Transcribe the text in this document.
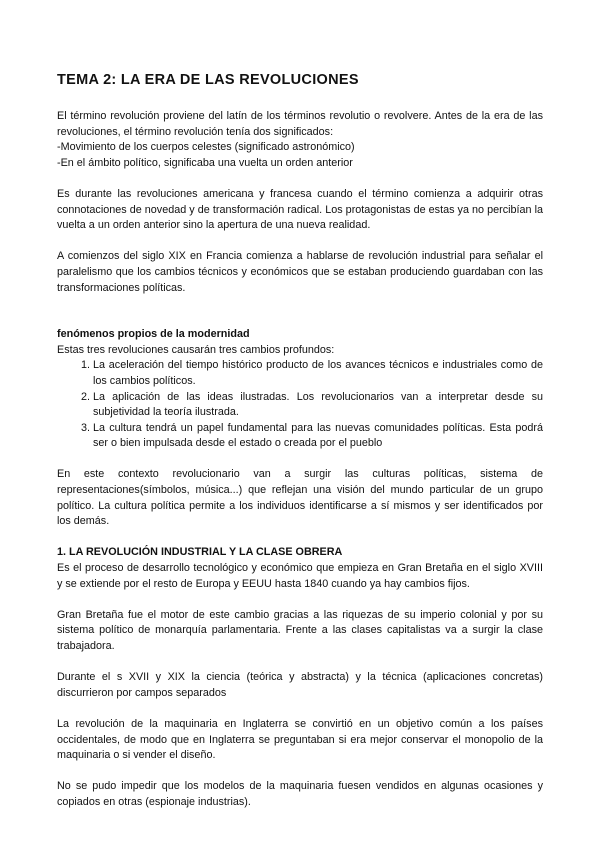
TEMA 2: LA ERA DE LAS REVOLUCIONES

El término revolución proviene del latín de los términos revolutio o revolvere. Antes de la era de las revoluciones, el término revolución tenía dos significados:
-Movimiento de los cuerpos celestes (significado astronómico)
-En el ámbito político, significaba una vuelta un orden anterior

Es durante las revoluciones americana y francesa cuando el término comienza a adquirir otras connotaciones de novedad y de transformación radical. Los protagonistas de estas ya no percibían la vuelta a un orden anterior sino la apertura de una nueva realidad.

A comienzos del siglo XIX en Francia comienza a hablarse de revolución industrial para señalar el paralelismo que los cambios técnicos y económicos que se estaban produciendo guardaban con las transformaciones políticas.

fenómenos propios de la modernidad

Estas tres revoluciones causarán tres cambios profundos:

1. La aceleración del tiempo histórico producto de los avances técnicos e industriales como de los cambios políticos.
2. La aplicación de las ideas ilustradas. Los revolucionarios van a interpretar desde su subjetividad la teoría ilustrada.
3. La cultura tendrá un papel fundamental para las nuevas comunidades políticas. Esta podrá ser o bien impulsada desde el estado o creada por el pueblo

En este contexto revolucionario van a surgir las culturas políticas, sistema de representaciones(símbolos, música...) que reflejan una visión del mundo particular de un grupo político. La cultura política permite a los individuos identificarse a sí mismos y ser identificados por los demás.

1. LA REVOLUCIÓN INDUSTRIAL Y LA CLASE OBRERA

Es el proceso de desarrollo tecnológico y económico que empieza en Gran Bretaña en el siglo XVIII y se extiende por el resto de Europa y EEUU hasta 1840 cuando ya hay cambios fijos.

Gran Bretaña fue el motor de este cambio gracias a las riquezas de su imperio colonial y por su sistema político de monarquía parlamentaria. Frente a las clases capitalistas va a surgir la clase trabajadora.

Durante el s XVII y XIX la ciencia (teórica y abstracta) y la técnica (aplicaciones concretas) discurrieron por campos separados

La revolución de la maquinaria en Inglaterra se convirtió en un objetivo común a los países occidentales, de modo que en Inglaterra se preguntaban si era mejor conservar el monopolio de la maquinaria o si vender el diseño.

No se pudo impedir que los modelos de la maquinaria fuesen vendidos en algunas ocasiones y copiados en otras (espionaje industrias).
